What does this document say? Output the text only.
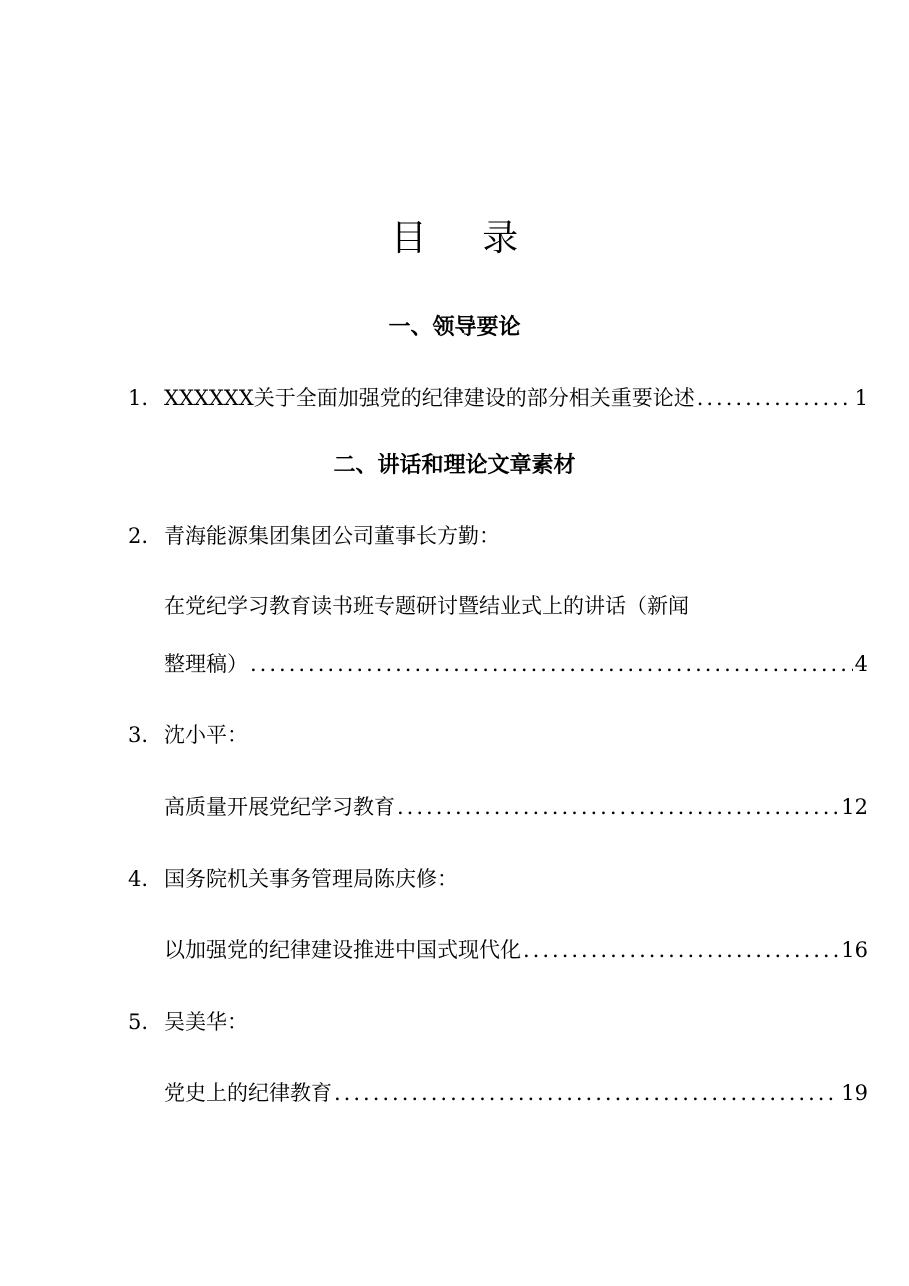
目 录
一、领导要论
1. XXXXXX关于全面加强党的纪律建设的部分相关重要论述 .....	1
二、讲话和理论文章素材
2. 青海能源集团集团公司董事长方勤：
在党纪学习教育读书班专题研讨暨结业式上的讲话（新闻
整理稿） .....	4
3. 沈小平：
高质量开展党纪学习教育 .....	12
4. 国务院机关事务管理局陈庆修：
以加强党的纪律建设推进中国式现代化 .....	16
5. 吴美华：
党史上的纪律教育 .....	19
